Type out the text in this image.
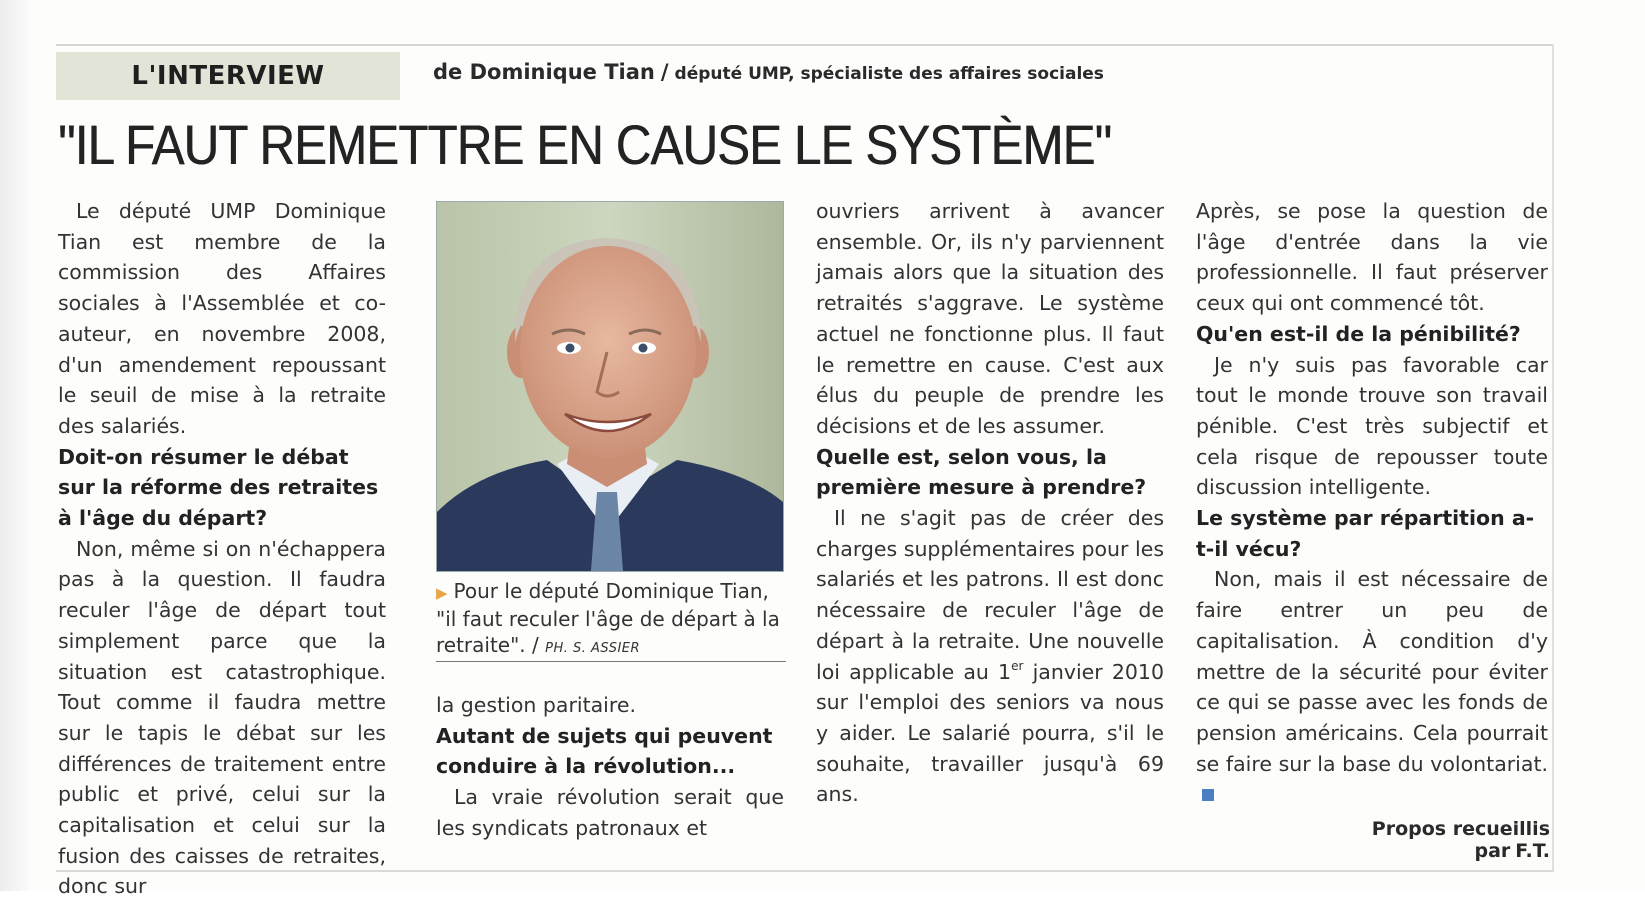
L'INTERVIEW	de Dominique Tian / député UMP, spécialiste des affaires sociales
"IL FAUT REMETTRE EN CAUSE LE SYSTÈME"

Le député UMP Dominique Tian est membre de la commission des Affaires sociales à l'Assemblée et co-auteur, en novembre 2008, d'un amendement repoussant le seuil de mise à la retraite des salariés.

Doit-on résumer le débat sur la réforme des retraites à l'âge du départ?

Non, même si on n'échappera pas à la question. Il faudra reculer l'âge de départ tout simplement parce que la situation est catastrophique. Tout comme il faudra mettre sur le tapis le débat sur les différences de traitement entre public et privé, celui sur la capitalisation et celui sur la fusion des caisses de retraites, donc sur

▶ Pour le député Dominique Tian, "il faut reculer l'âge de départ à la retraite". / PH. S. ASSIER

la gestion paritaire.

Autant de sujets qui peuvent conduire à la révolution...

La vraie révolution serait que les syndicats patronaux et

ouvriers arrivent à avancer ensemble. Or, ils n'y parviennent jamais alors que la situation des retraités s'aggrave. Le système actuel ne fonctionne plus. Il faut le remettre en cause. C'est aux élus du peuple de prendre les décisions et de les assumer.

Quelle est, selon vous, la première mesure à prendre?

Il ne s'agit pas de créer des charges supplémentaires pour les salariés et les patrons. Il est donc nécessaire de reculer l'âge de départ à la retraite. Une nouvelle loi applicable au 1er janvier 2010 sur l'emploi des seniors va nous y aider. Le salarié pourra, s'il le souhaite, travailler jusqu'à 69 ans.

Après, se pose la question de l'âge d'entrée dans la vie professionnelle. Il faut préserver ceux qui ont commencé tôt.

Qu'en est-il de la pénibilité?

Je n'y suis pas favorable car tout le monde trouve son travail pénible. C'est très subjectif et cela risque de repousser toute discussion intelligente.

Le système par répartition a-t-il vécu?

Non, mais il est nécessaire de faire entrer un peu de capitalisation. À condition d'y mettre de la sécurité pour éviter ce qui se passe avec les fonds de pension américains. Cela pourrait se faire sur la base du volontariat.

Propos recueillis par F.T.
